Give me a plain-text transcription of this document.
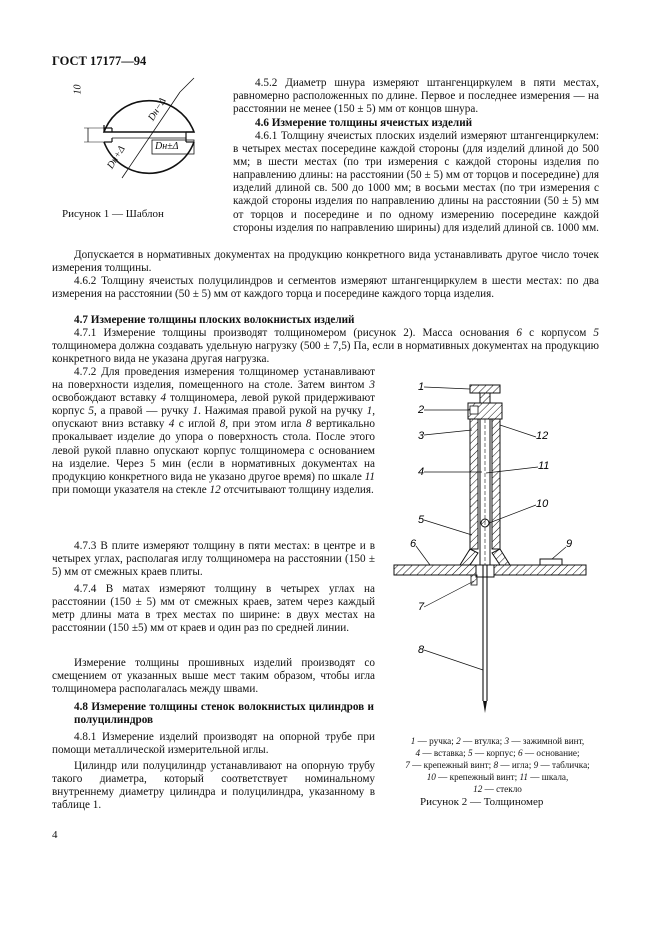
ГОСТ 17177—94
10
Dн−Δ
Dн+Δ	Dн±Δ
Рисунок 1 — Шаблон

4.5.2 Диаметр шнура измеряют штангенциркулем в пяти местах, равномерно расположенных по длине. Первое и последнее измерения — на расстоянии не менее (150 ± 5) мм от концов шнура.

4.6 Измерение толщины ячеистых изделий

4.6.1 Толщину ячеистых плоских изделий измеряют штангенциркулем: в четырех местах посередине каждой стороны (для изделий длиной до 500 мм; в шести местах (по три измерения с каждой стороны изделия по направлению длины: на расстоянии (50 ± 5) мм от торцов и посередине) для изделий длиной св. 500 до 1000 мм; в восьми местах (по три измерения с каждой стороны изделия по направлению длины на расстоянии (50 ± 5) мм от торцов и посередине и по одному измерению посередине каждой стороны изделия по направлению ширины) для изделий длиной св. 1000 мм.

Допускается в нормативных документах на продукцию конкретного вида устанавливать другое число точек измерения толщины.

4.6.2 Толщину ячеистых полуцилиндров и сегментов измеряют штангенциркулем в шести местах: по два измерения на расстоянии (50 ± 5) мм от каждого торца и посередине каждого торца изделия.

4.7 Измерение толщины плоских волокнистых изделий

4.7.1 Измерение толщины производят толщиномером (рисунок 2). Масса основания 6 с корпусом 5 толщиномера должна создавать удельную нагрузку (500 ± 7,5) Па, если в нормативных документах на продукцию конкретного вида не указана другая нагрузка.

4.7.2 Для проведения измерения толщиномер устанавливают на поверхности изделия, помещенного на столе. Затем винтом 3 освобождают вставку 4 толщиномера, левой рукой придерживают корпус 5, а правой — ручку 1. Нажимая правой рукой на ручку 1, опускают вниз вставку 4 с иглой 8, при этом игла 8 вертикально прокалывает изделие до упора о поверхность стола. После этого левой рукой плавно опускают корпус толщиномера с основанием на изделие. Через 5 мин (если в нормативных документах на продукцию конкретного вида не указано другое время) по шкале 11 при помощи указателя на стекле 12 отсчитывают толщину изделия.

4.7.3 В плите измеряют толщину в пяти местах: в центре и в четырех углах, располагая иглу толщиномера на расстоянии (150 ± 5) мм от смежных краев плиты.

4.7.4 В матах измеряют толщину в четырех углах на расстоянии (150 ± 5) мм от смежных краев, затем через каждый метр длины мата в трех местах по ширине: в двух местах на расстоянии (150 ±5) мм от краев и один раз по средней линии.

Измерение толщины прошивных изделий производят со смещением от указанных выше мест таким образом, чтобы игла толщиномера располагалась между швами.

4.8 Измерение толщины стенок волокнистых цилиндров и полуцилиндров

4.8.1 Измерение изделий производят на опорной трубе при помощи металлической измерительной иглы.

Цилиндр или полуцилиндр устанавливают на опорную трубу такого диаметра, который соответствует номинальному внутреннему диаметру цилиндра и полуцилиндра, указанному в таблице 1.

1
2
3
4
5
6
7
8
9
10
11
12
1 — ручка; 2 — втулка; 3 — зажимной винт,
4 — вставка; 5 — корпус; 6 — основание;
7 — крепежный винт; 8 — игла; 9 — табличка;
10 — крепежный винт; 11 — шкала,
12 — стекло
Рисунок 2 — Толщиномер
4
